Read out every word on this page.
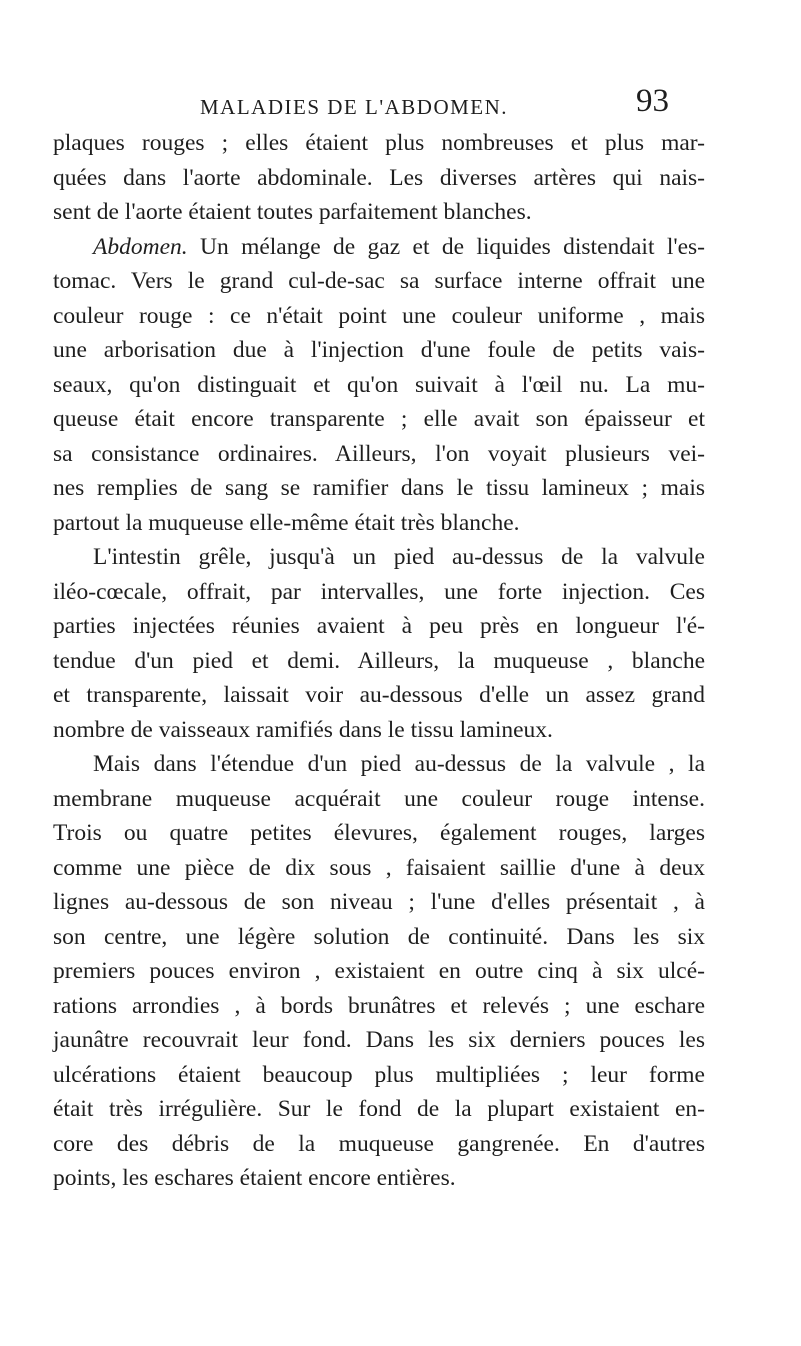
MALADIES DE L'ABDOMEN.	93
plaques rouges ; elles étaient plus nombreuses et plus mar-
quées dans l'aorte abdominale. Les diverses artères qui nais-
sent de l'aorte étaient toutes parfaitement blanches.
Abdomen. Un mélange de gaz et de liquides distendait l'es-
tomac. Vers le grand cul-de-sac sa surface interne offrait une
couleur rouge : ce n'était point une couleur uniforme , mais
une arborisation due à l'injection d'une foule de petits vais-
seaux, qu'on distinguait et qu'on suivait à l'œil nu. La mu-
queuse était encore transparente ; elle avait son épaisseur et
sa consistance ordinaires. Ailleurs, l'on voyait plusieurs vei-
nes remplies de sang se ramifier dans le tissu lamineux ; mais
partout la muqueuse elle-même était très blanche.
L'intestin grêle, jusqu'à un pied au-dessus de la valvule
iléo-cœcale, offrait, par intervalles, une forte injection. Ces
parties injectées réunies avaient à peu près en longueur l'é-
tendue d'un pied et demi. Ailleurs, la muqueuse , blanche
et transparente, laissait voir au-dessous d'elle un assez grand
nombre de vaisseaux ramifiés dans le tissu lamineux.
Mais dans l'étendue d'un pied au-dessus de la valvule , la
membrane muqueuse acquérait une couleur rouge intense.
Trois ou quatre petites élevures, également rouges, larges
comme une pièce de dix sous , faisaient saillie d'une à deux
lignes au-dessous de son niveau ; l'une d'elles présentait , à
son centre, une légère solution de continuité. Dans les six
premiers pouces environ , existaient en outre cinq à six ulcé-
rations arrondies , à bords brunâtres et relevés ; une eschare
jaunâtre recouvrait leur fond. Dans les six derniers pouces les
ulcérations étaient beaucoup plus multipliées ; leur forme
était très irrégulière. Sur le fond de la plupart existaient en-
core des débris de la muqueuse gangrenée. En d'autres
points, les eschares étaient encore entières.
